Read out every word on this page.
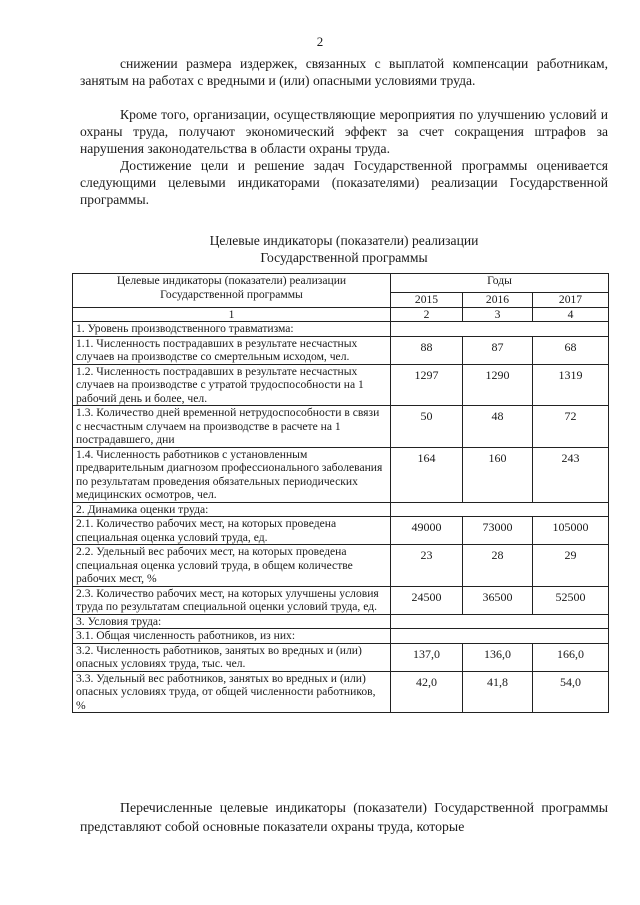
2

снижении размера издержек, связанных с выплатой компенсации работникам, занятым на работах с вредными и (или) опасными условиями труда.

Кроме того, организации, осуществляющие мероприятия по улучшению условий и охраны труда, получают экономический эффект за счет сокращения штрафов за нарушения законодательства в области охраны труда.

Достижение цели и решение задач Государственной программы оценивается следующими целевыми индикаторами (показателями) реализации Государственной программы.

Целевые индикаторы (показатели) реализации
Государственной программы
Целевые индикаторы (показатели) реализации Государственной программы	Годы		
	2015	2016	2017
1	2	3	4
1. Уровень производственного травматизма:			
1.1. Численность пострадавших в результате несчастных случаев на производстве со смертельным исходом, чел.	88	87	68
1.2. Численность пострадавших в результате несчастных случаев на производстве с утратой трудоспособности на 1 рабочий день и более, чел.	1297	1290	1319
1.3. Количество дней временной нетрудоспособности в связи с несчастным случаем на производстве в расчете на 1 пострадавшего, дни	50	48	72
1.4. Численность работников с установленным предварительным диагнозом профессионального заболевания по результатам проведения обязательных периодических медицинских осмотров, чел.	164	160	243
2. Динамика оценки труда:			
2.1. Количество рабочих мест, на которых проведена специальная оценка условий труда, ед.	49000	73000	105000
2.2. Удельный вес рабочих мест, на которых проведена специальная оценка условий труда, в общем количестве рабочих мест, %	23	28	29
2.3. Количество рабочих мест, на которых улучшены условия труда по результатам специальной оценки условий труда, ед.	24500	36500	52500
3. Условия труда:			
3.1. Общая численность работников, из них:			
3.2. Численность работников, занятых во вредных и (или) опасных условиях труда, тыс. чел.	137,0	136,0	166,0
3.3. Удельный вес работников, занятых во вредных и (или) опасных условиях труда, от общей численности работников, %	42,0	41,8	54,0

Перечисленные целевые индикаторы (показатели) Государственной программы представляют собой основные показатели охраны труда, которые
